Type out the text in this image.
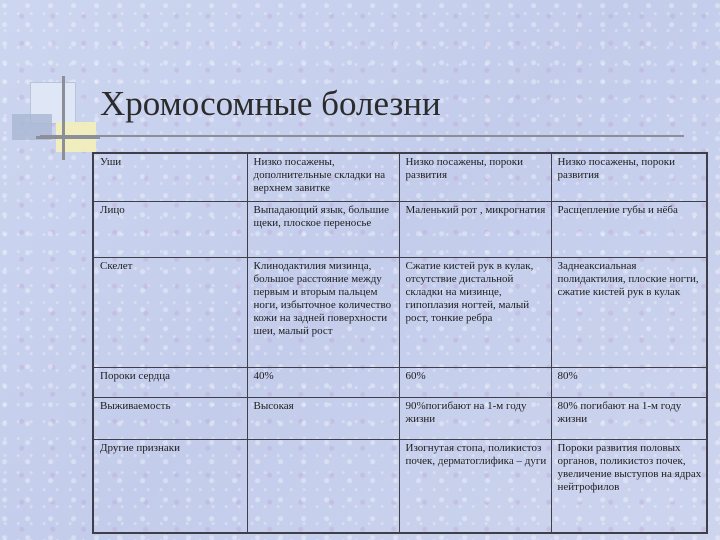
Хромосомные болезни
Уши	Низко посажены, дополнительные складки на верхнем завитке	Низко посажены, пороки развития	Низко посажены, пороки развития
Лицо	Выпадающий язык, большие щеки, плоское переносье	Маленький рот , микрогнатия	Расщепление губы и нёба
Скелет	Клинодактилия мизинца, большое расстояние между первым и вторым пальцем ноги, избыточное количество кожи на задней поверхности шеи, малый рост	Сжатие кистей рук в кулак, отсутствие дистальной складки на мизинце, гипоплазия ногтей, малый рост, тонкие ребра	Заднеаксиальная полидактилия, плоские ногти, сжатие кистей рук в кулак
Пороки сердца	40%	60%	80%
Выживаемость	Высокая	90%погибают на 1-м году жизни	80% погибают на 1-м году жизни
Другие признаки		Изогнутая стопа, поликистоз почек, дерматоглифика – дуги	Пороки развития половых органов, поликистоз почек, увеличение выступов на ядрах нейтрофилов
